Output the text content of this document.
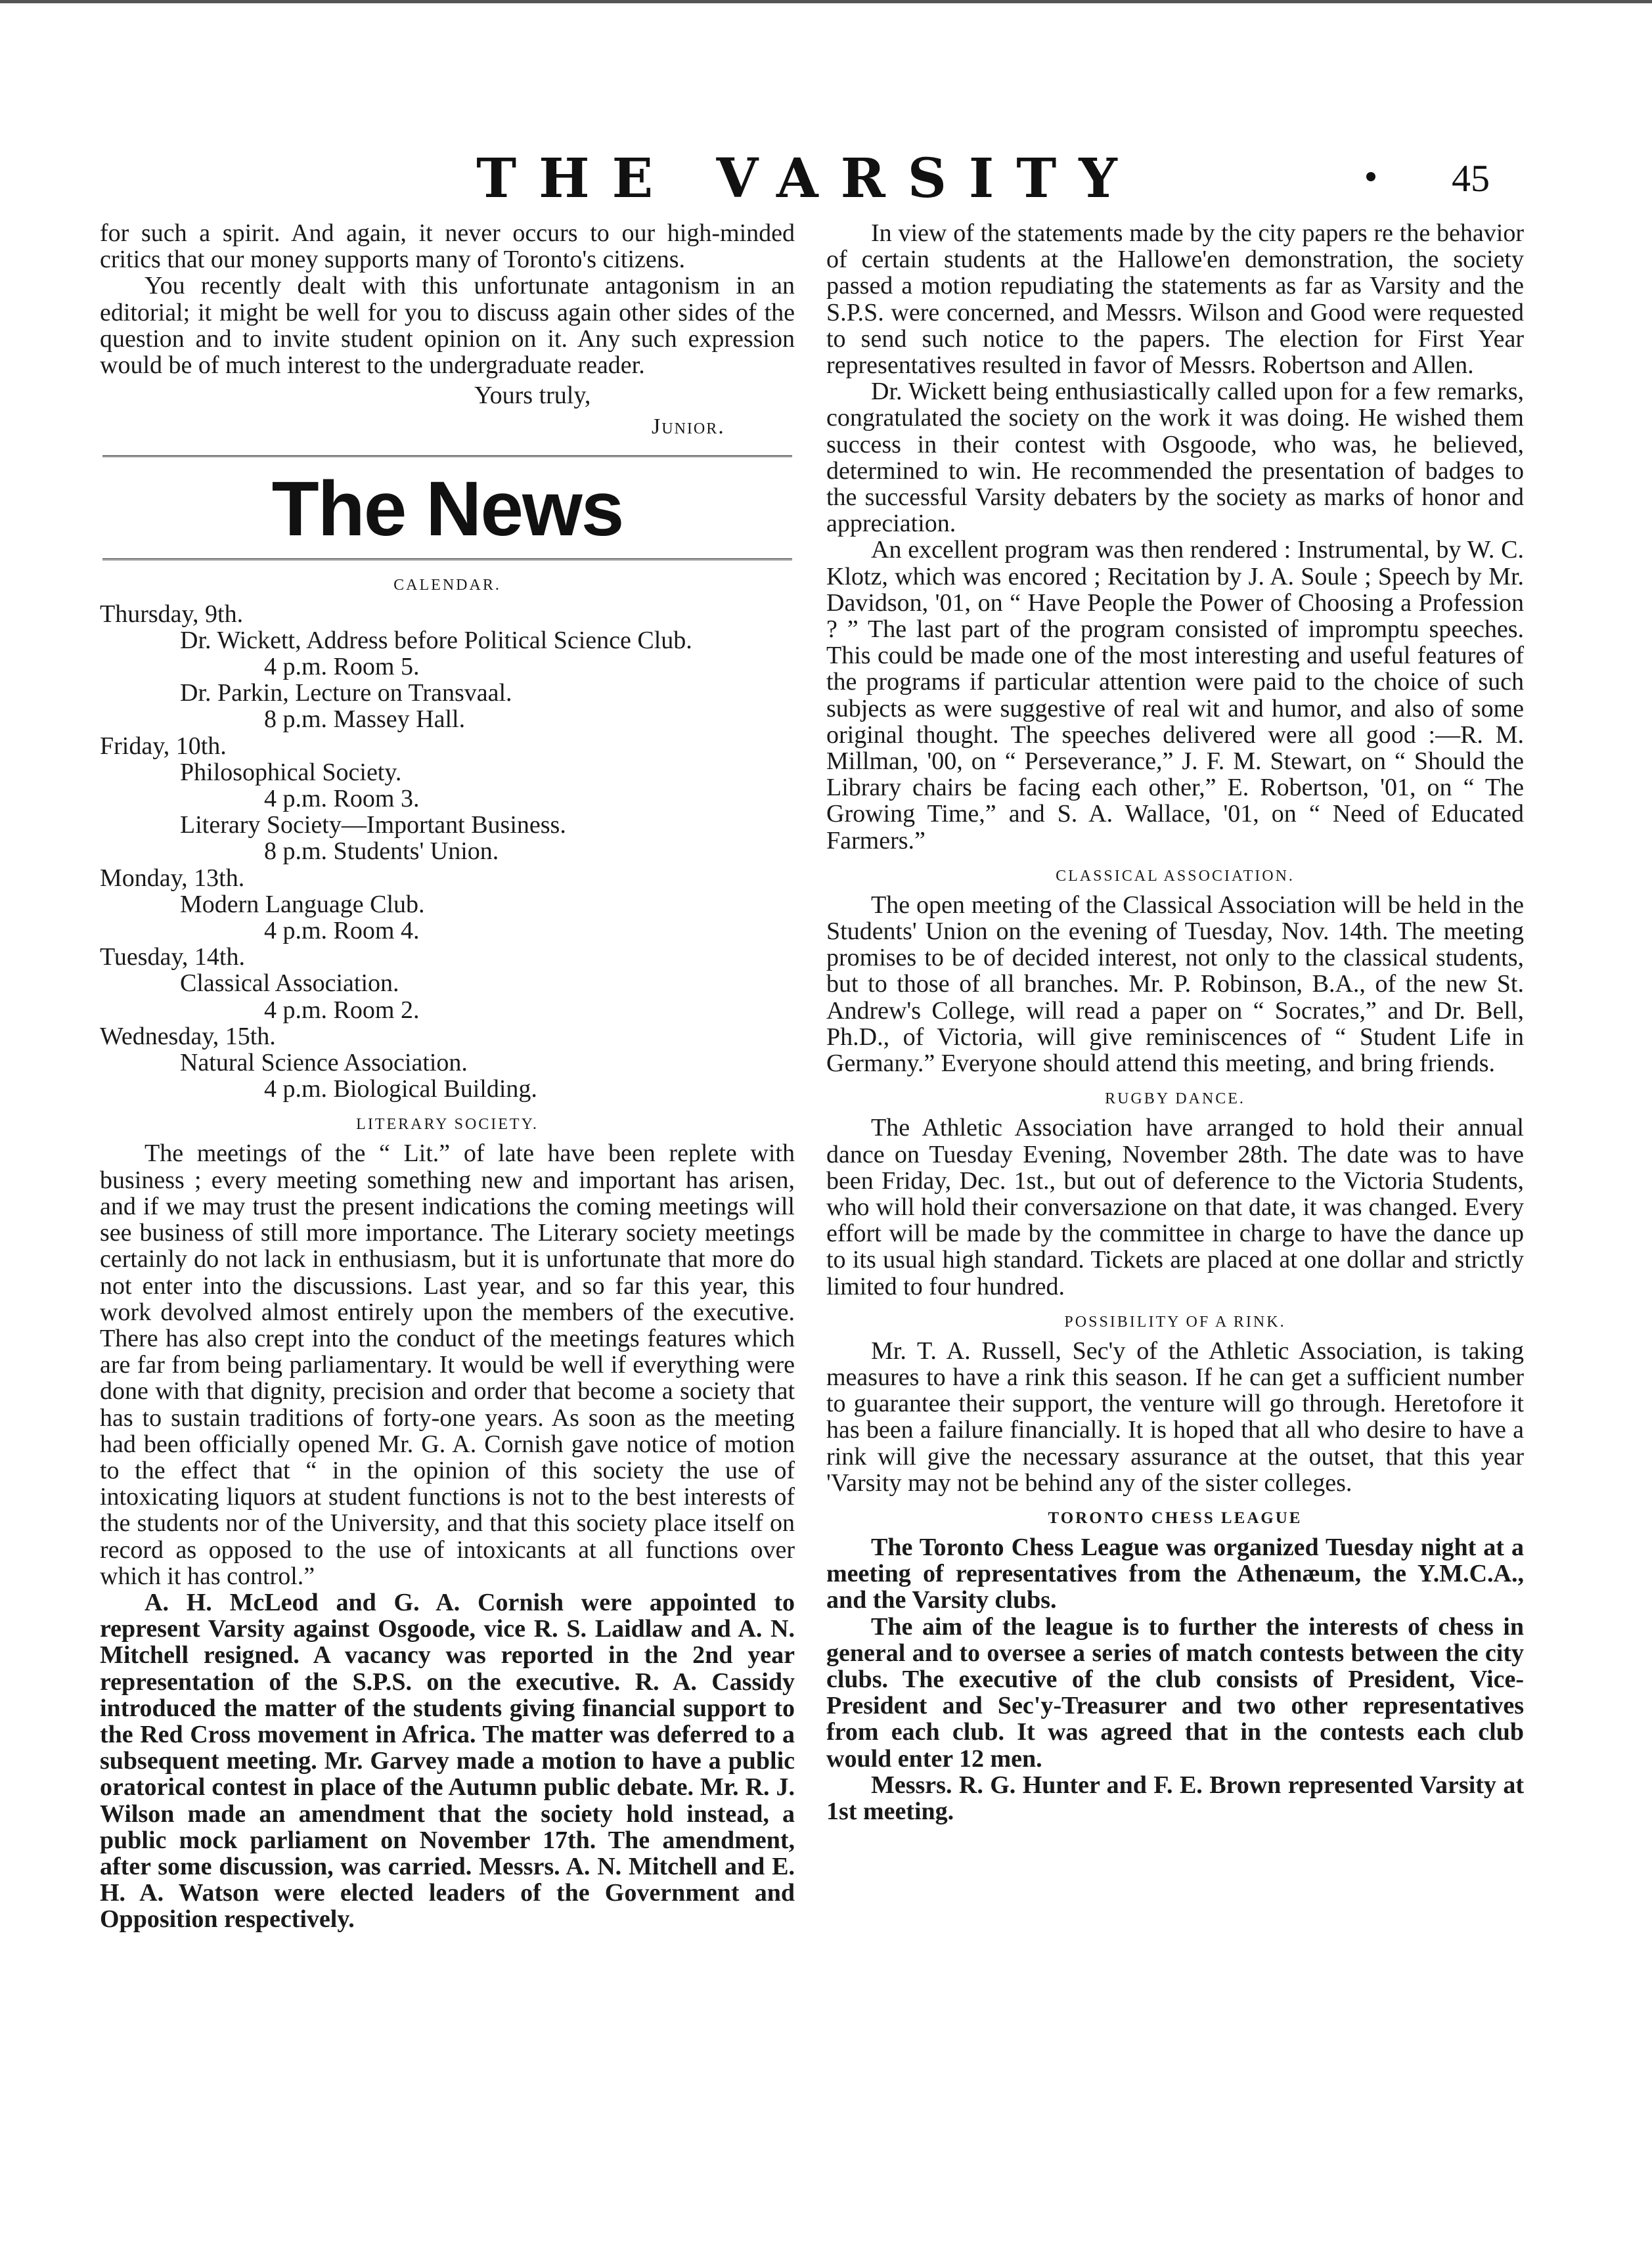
THE VARSITY	45

for such a spirit. And again, it never occurs to our high-minded critics that our money supports many of Toronto's citizens.

You recently dealt with this unfortunate antagonism in an editorial; it might be well for you to discuss again other sides of the question and to invite student opinion on it. Any such expression would be of much interest to the undergraduate reader.

Yours truly,
Junior.
The News
CALENDAR.
Thursday, 9th.
Dr. Wickett, Address before Political Science Club.
4 p.m. Room 5.
Dr. Parkin, Lecture on Transvaal.
8 p.m. Massey Hall.
Friday, 10th.
Philosophical Society.
4 p.m. Room 3.
Literary Society—Important Business.
8 p.m. Students' Union.
Monday, 13th.
Modern Language Club.
4 p.m. Room 4.
Tuesday, 14th.
Classical Association.
4 p.m. Room 2.
Wednesday, 15th.
Natural Science Association.
4 p.m. Biological Building.
LITERARY SOCIETY.

The meetings of the “ Lit.” of late have been replete with business ; every meeting something new and important has arisen, and if we may trust the present indications the coming meetings will see business of still more importance. The Literary society meetings certainly do not lack in enthusiasm, but it is unfortunate that more do not enter into the discussions. Last year, and so far this year, this work devolved almost entirely upon the members of the executive. There has also crept into the conduct of the meetings features which are far from being parliamentary. It would be well if everything were done with that dignity, precision and order that become a society that has to sustain traditions of forty-one years. As soon as the meeting had been officially opened Mr. G. A. Cornish gave notice of motion to the effect that “ in the opinion of this society the use of intoxicating liquors at student functions is not to the best interests of the students nor of the University, and that this society place itself on record as opposed to the use of intoxicants at all functions over which it has control.”

A. H. McLeod and G. A. Cornish were appointed to represent Varsity against Osgoode, vice R. S. Laidlaw and A. N. Mitchell resigned. A vacancy was reported in the 2nd year representation of the S.P.S. on the executive. R. A. Cassidy introduced the matter of the students giving financial support to the Red Cross movement in Africa. The matter was deferred to a subsequent meeting. Mr. Garvey made a motion to have a public oratorical contest in place of the Autumn public debate. Mr. R. J. Wilson made an amendment that the society hold instead, a public mock parliament on November 17th. The amendment, after some discussion, was carried. Messrs. A. N. Mitchell and E. H. A. Watson were elected leaders of the Government and Opposition respectively.

In view of the statements made by the city papers re the behavior of certain students at the Hallowe'en demonstration, the society passed a motion repudiating the statements as far as Varsity and the S.P.S. were concerned, and Messrs. Wilson and Good were requested to send such notice to the papers. The election for First Year representatives resulted in favor of Messrs. Robertson and Allen.

Dr. Wickett being enthusiastically called upon for a few remarks, congratulated the society on the work it was doing. He wished them success in their contest with Osgoode, who was, he believed, determined to win. He recommended the presentation of badges to the successful Varsity debaters by the society as marks of honor and appreciation.

An excellent program was then rendered : Instrumental, by W. C. Klotz, which was encored ; Recitation by J. A. Soule ; Speech by Mr. Davidson, '01, on “ Have People the Power of Choosing a Profession ? ” The last part of the program consisted of impromptu speeches. This could be made one of the most interesting and useful features of the programs if particular attention were paid to the choice of such subjects as were suggestive of real wit and humor, and also of some original thought. The speeches delivered were all good :—R. M. Millman, '00, on “ Perseverance,” J. F. M. Stewart, on “ Should the Library chairs be facing each other,” E. Robertson, '01, on “ The Growing Time,” and S. A. Wallace, '01, on “ Need of Educated Farmers.”

CLASSICAL ASSOCIATION.

The open meeting of the Classical Association will be held in the Students' Union on the evening of Tuesday, Nov. 14th. The meeting promises to be of decided interest, not only to the classical students, but to those of all branches. Mr. P. Robinson, B.A., of the new St. Andrew's College, will read a paper on “ Socrates,” and Dr. Bell, Ph.D., of Victoria, will give reminiscences of “ Student Life in Germany.” Everyone should attend this meeting, and bring friends.

RUGBY DANCE.

The Athletic Association have arranged to hold their annual dance on Tuesday Evening, November 28th. The date was to have been Friday, Dec. 1st., but out of deference to the Victoria Students, who will hold their conversazione on that date, it was changed. Every effort will be made by the committee in charge to have the dance up to its usual high standard. Tickets are placed at one dollar and strictly limited to four hundred.

POSSIBILITY OF A RINK.

Mr. T. A. Russell, Sec'y of the Athletic Association, is taking measures to have a rink this season. If he can get a sufficient number to guarantee their support, the venture will go through. Heretofore it has been a failure financially. It is hoped that all who desire to have a rink will give the necessary assurance at the outset, that this year 'Varsity may not be behind any of the sister colleges.

TORONTO CHESS LEAGUE

The Toronto Chess League was organized Tuesday night at a meeting of representatives from the Athenæum, the Y.M.C.A., and the Varsity clubs.

The aim of the league is to further the interests of chess in general and to oversee a series of match contests between the city clubs. The executive of the club consists of President, Vice-President and Sec'y-Treasurer and two other representatives from each club. It was agreed that in the contests each club would enter 12 men.

Messrs. R. G. Hunter and F. E. Brown represented Varsity at 1st meeting.
